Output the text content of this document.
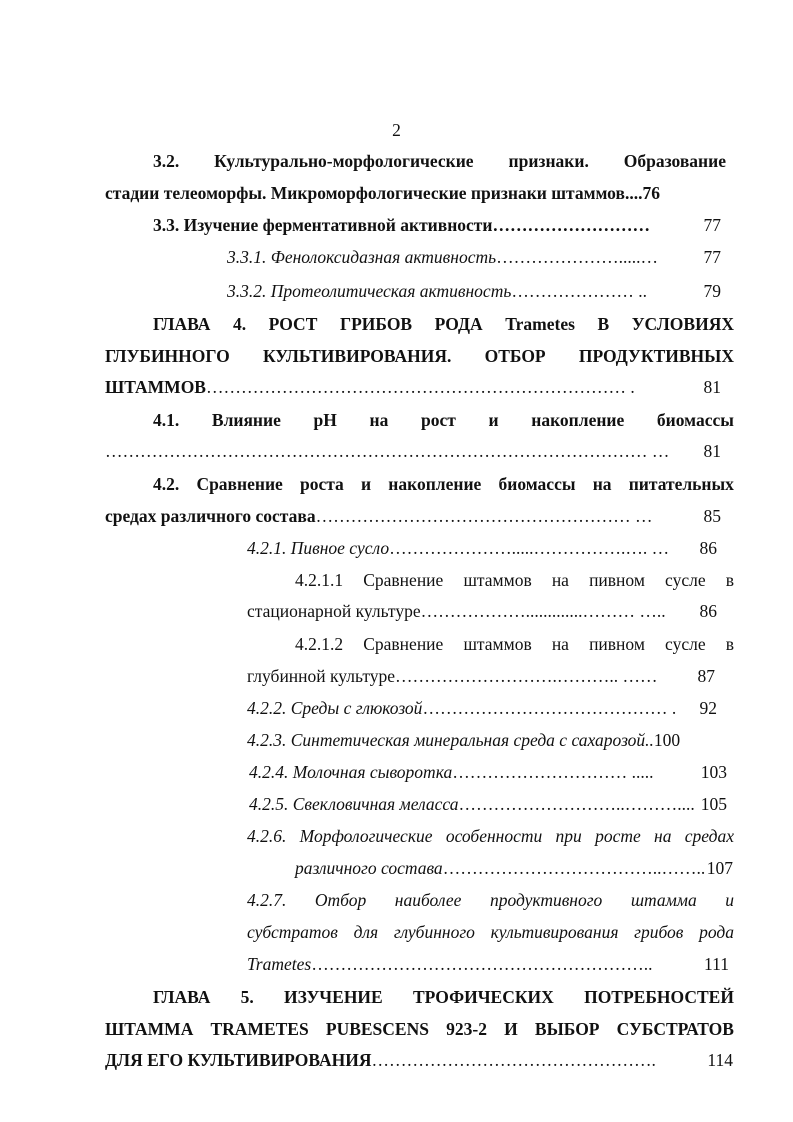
2
3.2. Культурально-морфологические признаки. Образование
стадии телеоморфы. Микроморфологические признаки штаммов .... 76
3.3. Изучение ферментативной активности ………………………	77
3.3.1. Фенолоксидазная активность ………………….....…	77
3.3.2. Протеолитическая активность ………………… ..	79
ГЛАВА 4. РОСТ ГРИБОВ РОДА Trametes В УСЛОВИЯХ
ГЛУБИННОГО КУЛЬТИВИРОВАНИЯ. ОТБОР ПРОДУКТИВНЫХ
ШТАММОВ ……………………………………………………………… .	81
4.1. Влияние pH на рост и накопление биомассы
………………………………………………………………………………… …	81
4.2. Сравнение роста и накопление биомассы на питательных
средах различного состава ……………………………………………… …	85
4.2.1. Пивное сусло ………………….....…………….…. …	86
4.2.1.1 Сравнение штаммов на пивном сусле в
стационарной культуре ……………….............……… …..	86
4.2.1.2 Сравнение штаммов на пивном сусле в
глубинной культуре ……………………….……….. ……	87
4.2.2. Среды с глюкозой …………………………………… .	92
4.2.3. Синтетическая минеральная среда с сахарозой.. 100
4.2.4. Молочная сыворотка ………………………… .....	103
4.2.5. Свекловичная меласса ………………………..……….... 105
4.2.6. Морфологические особенности при росте на средах
различного состава ………………………………..…….. 107
4.2.7. Отбор наиболее продуктивного штамма и
субстратов для глубинного культивирования грибов рода
Trametes …………………………………………………..	111
ГЛАВА 5. ИЗУЧЕНИЕ ТРОФИЧЕСКИХ ПОТРЕБНОСТЕЙ
ШТАММА TRAMETES PUBESCENS 923-2 И ВЫБОР СУБСТРАТОВ
ДЛЯ ЕГО КУЛЬТИВИРОВАНИЯ ………………………………………….	114
